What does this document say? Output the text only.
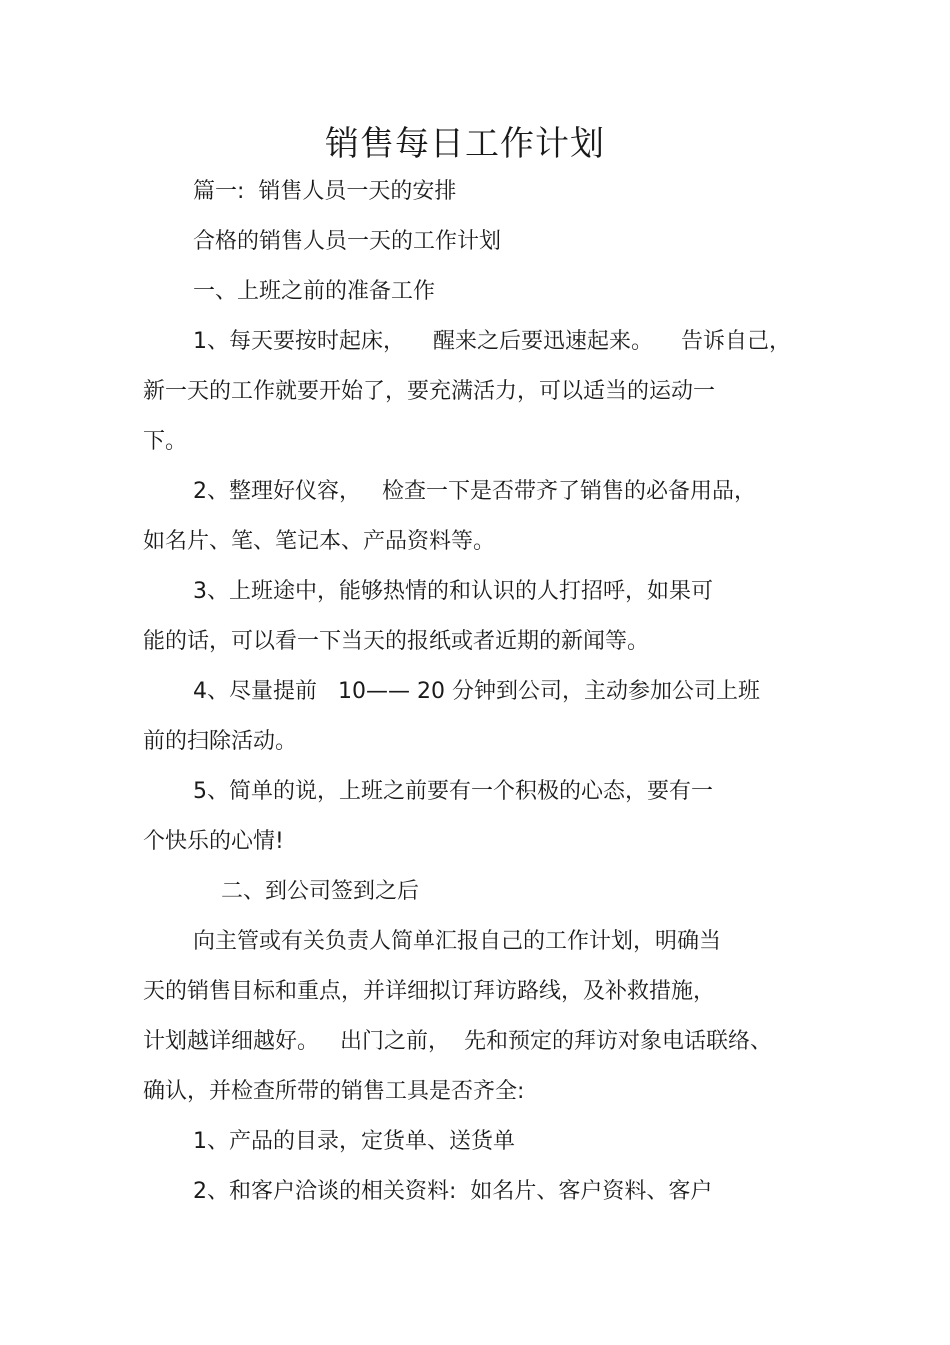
销售每日工作计划

篇一:  销售人员一天的安排

合格的销售人员一天的工作计划

一、上班之前的准备工作

1、每天要按时起床，    醒来之后要迅速起来。    告诉自己，

新一天的工作就要开始了，要充满活力，可以适当的运动一

下。

2、整理好仪容，   检查一下是否带齐了销售的必备用品，

如名片、笔、笔记本、产品资料等。

3、上班途中，能够热情的和认识的人打招呼，如果可

能的话，可以看一下当天的报纸或者近期的新闻等。

4、尽量提前   10—— 20 分钟到公司，主动参加公司上班

前的扫除活动。

5、简单的说，上班之前要有一个积极的心态，要有一

个快乐的心情!

二、到公司签到之后

向主管或有关负责人简单汇报自己的工作计划，明确当

天的销售目标和重点，并详细拟订拜访路线，及补救措施，

计划越详细越好。   出门之前，  先和预定的拜访对象电话联络、

确认，并检查所带的销售工具是否齐全:

1、产品的目录，定货单、送货单

2、和客户洽谈的相关资料:  如名片、客户资料、客户
